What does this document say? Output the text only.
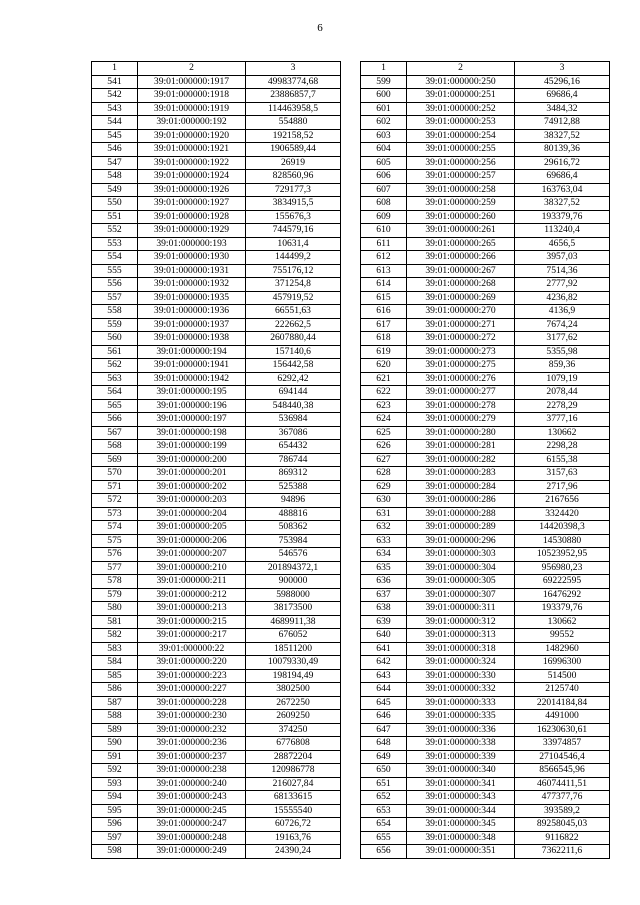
6
1	2	3
541	39:01:000000:1917	49983774,68
542	39:01:000000:1918	23886857,7
543	39:01:000000:1919	114463958,5
544	39:01:000000:192	554880
545	39:01:000000:1920	192158,52
546	39:01:000000:1921	1906589,44
547	39:01:000000:1922	26919
548	39:01:000000:1924	828560,96
549	39:01:000000:1926	729177,3
550	39:01:000000:1927	3834915,5
551	39:01:000000:1928	155676,3
552	39:01:000000:1929	744579,16
553	39:01:000000:193	10631,4
554	39:01:000000:1930	144499,2
555	39:01:000000:1931	755176,12
556	39:01:000000:1932	371254,8
557	39:01:000000:1935	457919,52
558	39:01:000000:1936	66551,63
559	39:01:000000:1937	222662,5
560	39:01:000000:1938	2607880,44
561	39:01:000000:194	157140,6
562	39:01:000000:1941	156442,58
563	39:01:000000:1942	6292,42
564	39:01:000000:195	694144
565	39:01:000000:196	548440,38
566	39:01:000000:197	536984
567	39:01:000000:198	367086
568	39:01:000000:199	654432
569	39:01:000000:200	786744
570	39:01:000000:201	869312
571	39:01:000000:202	525388
572	39:01:000000:203	94896
573	39:01:000000:204	488816
574	39:01:000000:205	508362
575	39:01:000000:206	753984
576	39:01:000000:207	546576
577	39:01:000000:210	201894372,1
578	39:01:000000:211	900000
579	39:01:000000:212	5988000
580	39:01:000000:213	38173500
581	39:01:000000:215	4689911,38
582	39:01:000000:217	676052
583	39:01:000000:22	18511200
584	39:01:000000:220	10079330,49
585	39:01:000000:223	198194,49
586	39:01:000000:227	3802500
587	39:01:000000:228	2672250
588	39:01:000000:230	2609250
589	39:01:000000:232	374250
590	39:01:000000:236	6776808
591	39:01:000000:237	28872204
592	39:01:000000:238	120986778
593	39:01:000000:240	216027,84
594	39:01:000000:243	68133615
595	39:01:000000:245	15555540
596	39:01:000000:247	60726,72
597	39:01:000000:248	19163,76
598	39:01:000000:249	24390,24
1	2	3
599	39:01:000000:250	45296,16
600	39:01:000000:251	69686,4
601	39:01:000000:252	3484,32
602	39:01:000000:253	74912,88
603	39:01:000000:254	38327,52
604	39:01:000000:255	80139,36
605	39:01:000000:256	29616,72
606	39:01:000000:257	69686,4
607	39:01:000000:258	163763,04
608	39:01:000000:259	38327,52
609	39:01:000000:260	193379,76
610	39:01:000000:261	113240,4
611	39:01:000000:265	4656,5
612	39:01:000000:266	3957,03
613	39:01:000000:267	7514,36
614	39:01:000000:268	2777,92
615	39:01:000000:269	4236,82
616	39:01:000000:270	4136,9
617	39:01:000000:271	7674,24
618	39:01:000000:272	3177,62
619	39:01:000000:273	5355,98
620	39:01:000000:275	859,36
621	39:01:000000:276	1079,19
622	39:01:000000:277	2078,44
623	39:01:000000:278	2278,29
624	39:01:000000:279	3777,16
625	39:01:000000:280	130662
626	39:01:000000:281	2298,28
627	39:01:000000:282	6155,38
628	39:01:000000:283	3157,63
629	39:01:000000:284	2717,96
630	39:01:000000:286	2167656
631	39:01:000000:288	3324420
632	39:01:000000:289	14420398,3
633	39:01:000000:296	14530880
634	39:01:000000:303	10523952,95
635	39:01:000000:304	956980,23
636	39:01:000000:305	69222595
637	39:01:000000:307	16476292
638	39:01:000000:311	193379,76
639	39:01:000000:312	130662
640	39:01:000000:313	99552
641	39:01:000000:318	1482960
642	39:01:000000:324	16996300
643	39:01:000000:330	514500
644	39:01:000000:332	2125740
645	39:01:000000:333	22014184,84
646	39:01:000000:335	4491000
647	39:01:000000:336	16230630,61
648	39:01:000000:338	33974857
649	39:01:000000:339	27104546,4
650	39:01:000000:340	8566545,96
651	39:01:000000:341	46074411,51
652	39:01:000000:343	477377,76
653	39:01:000000:344	393589,2
654	39:01:000000:345	89258045,03
655	39:01:000000:348	9116822
656	39:01:000000:351	7362211,6
